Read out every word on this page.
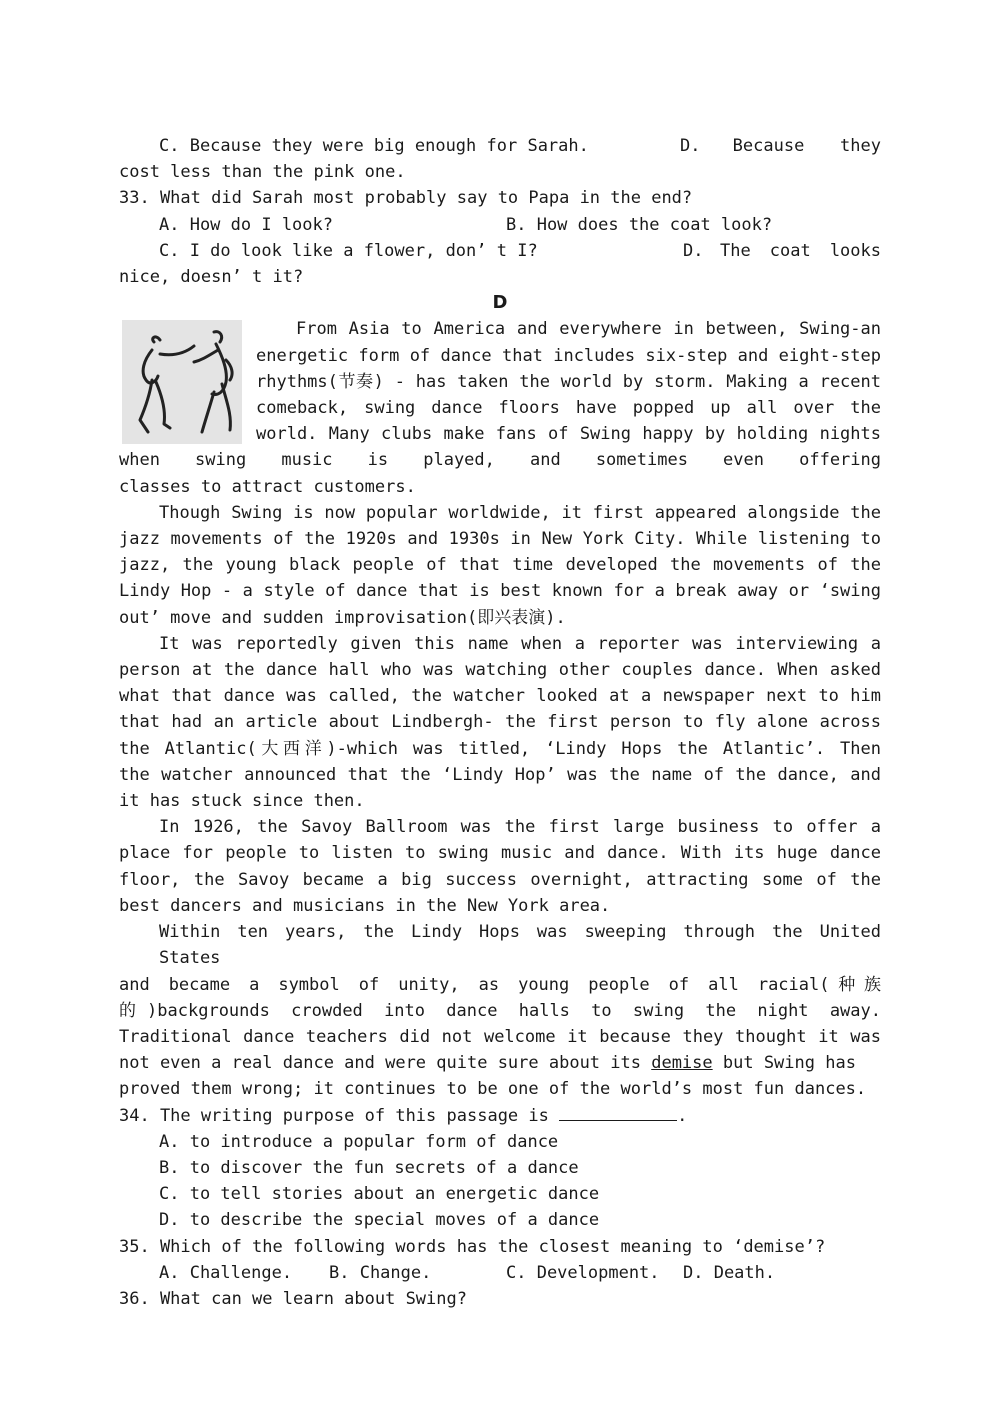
C. Because they were big enough for Sarah.	D.	Because	they
cost less than the pink one.
33. What did Sarah most probably say to Papa in the end?
A. How do I look?	B. How does the coat look?
C. I do look like a flower, don’ t I?	D. The coat looks
nice, doesn’ t it?
D
From Asia to America and everywhere in between, Swing-an
energetic form of dance that includes six-step and eight-step
rhythms(节奏) - has taken the world by storm. Making a recent
comeback, swing dance floors have popped up all over the
world. Many clubs make fans of Swing happy by holding nights
when swing music is played, and sometimes even offering
classes to attract customers.
Though Swing is now popular worldwide, it first appeared alongside the
jazz movements of the 1920s and 1930s in New York City. While listening to
jazz, the young black people of that time developed the movements of the
Lindy Hop - a style of dance that is best known for a break away or ‘swing
out’ move and sudden improvisation(即兴表演).
It was reportedly given this name when a reporter was interviewing a
person at the dance hall who was watching other couples dance. When asked
what that dance was called, the watcher looked at a newspaper next to him
that had an article about Lindbergh- the first person to fly alone across
the Atlantic(大西洋)-which was titled, ‘Lindy Hops the Atlantic’. Then
the watcher announced that the ‘Lindy Hop’ was the name of the dance, and
it has stuck since then.
In 1926, the Savoy Ballroom was the first large business to offer a
place for people to listen to swing music and dance. With its huge dance
floor, the Savoy became a big success overnight, attracting some of the
best dancers and musicians in the New York area.
Within ten years, the Lindy Hops was sweeping through the United States
and became a symbol of unity, as young people of all racial(种族
的)backgrounds crowded into dance halls to swing the night away.
Traditional dance teachers did not welcome it because they thought it was
not even a real dance and were quite sure about its demise but Swing has
proved them wrong; it continues to be one of the world’s most fun dances.
34. The writing purpose of this passage is	.
A. to introduce a popular form of dance
B. to discover the fun secrets of a dance
C. to tell stories about an energetic dance
D. to describe the special moves of a dance
35. Which of the following words has the closest meaning to ‘demise’?
A. Challenge.	B. Change.	C. Development.	D. Death.
36. What can we learn about Swing?
